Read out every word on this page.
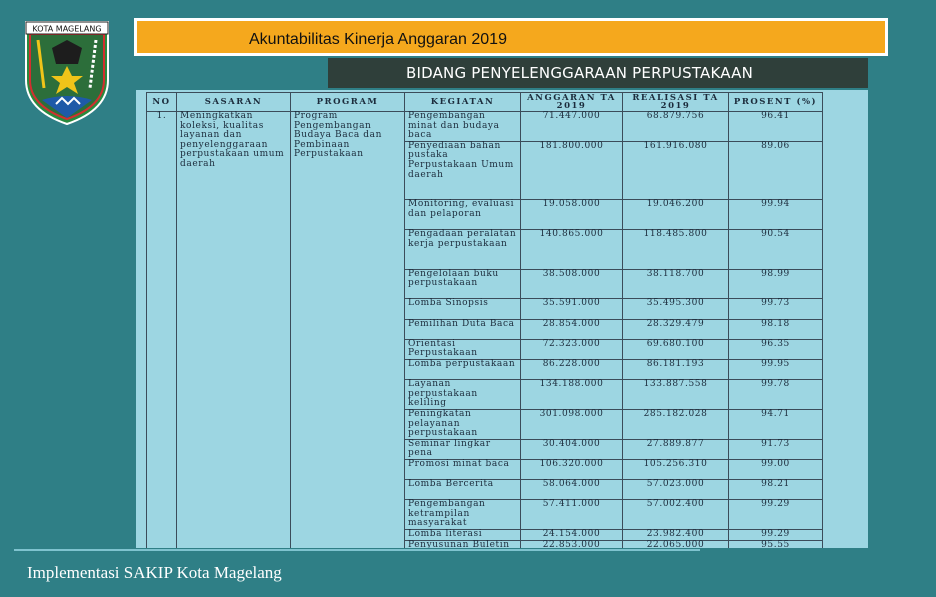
KOTA MAGELANG
Akuntabilitas Kinerja Anggaran 2019
BIDANG PENYELENGGARAAN PERPUSTAKAAN
NO	SASARAN	PROGRAM	KEGIATAN	ANGGARAN TA 2019	REALISASI TA 2019	PROSENT (%)
1.	Meningkatkan koleksi, kualitas layanan dan penyelenggaraan perpustakaan umum daerah	Program Pengembangan Budaya Baca dan Pembinaan Perpustakaan	Pengembangan minat dan budaya baca	71.447.000	68.879.756	96.41
			Penyediaan bahan pustaka Perpustakaan Umum daerah	181.800.000	161.916.080	89.06
			Monitoring, evaluasi dan pelaporan	19.058.000	19.046.200	99.94
			Pengadaan peralatan kerja perpustakaan	140.865.000	118.485.800	90.54
			Pengelolaan buku perpustakaan	38.508.000	38.118.700	98.99
			Lomba Sinopsis	35.591.000	35.495.300	99.73
			Pemilihan Duta Baca	28.854.000	28.329.479	98.18
			Orientasi Perpustakaan	72.323.000	69.680.100	96.35
			Lomba perpustakaan	86.228.000	86.181.193	99.95
			Layanan perpustakaan keliling	134.188.000	133.887.558	99.78
			Peningkatan pelayanan perpustakaan	301.098.000	285.182.028	94.71
			Seminar lingkar pena	30.404.000	27.889.877	91.73
			Promosi minat baca	106.320.000	105.256.310	99.00
			Lomba Bercerita	58.064.000	57.023.000	98.21
			Pengembangan ketrampilan masyarakat	57.411.000	57.002.400	99.29
			Lomba literasi	24.154.000	23.982.400	99.29
			Penyusunan Buletin	22.853.000	22.065.000	95.55
Implementasi SAKIP Kota Magelang
